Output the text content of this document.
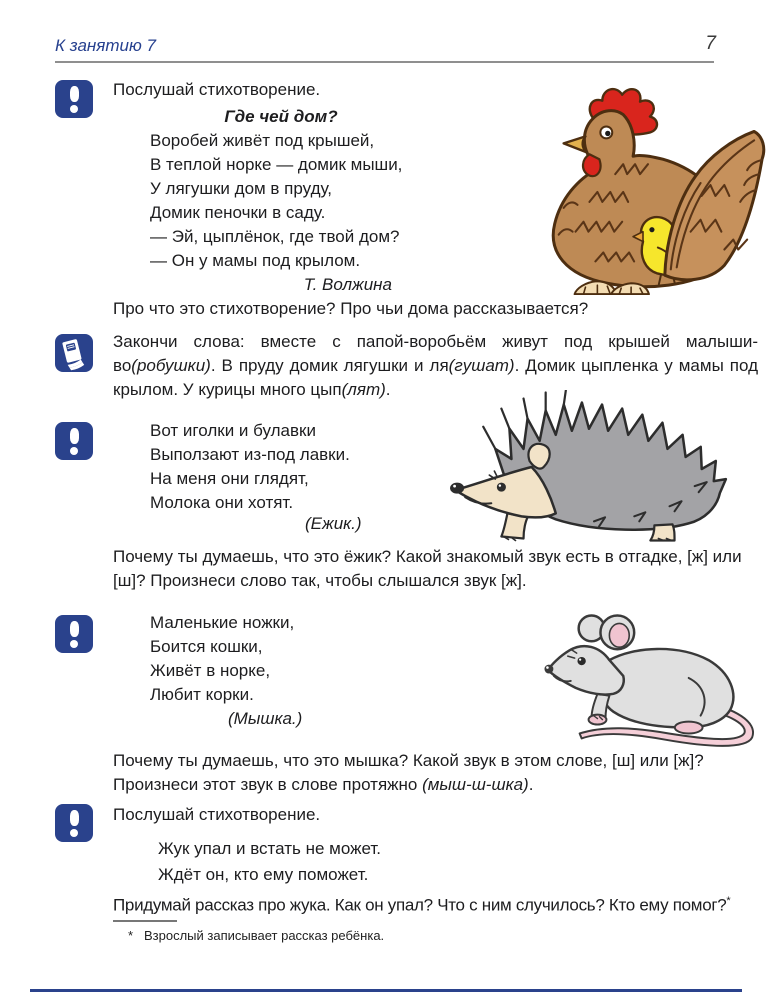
К занятию 7	7
Послушай стихотворение.
Где чей дом?
Воробей живёт под крышей,
В теплой норке — домик мыши,
У лягушки дом в пруду,
Домик пеночки в саду.
— Эй, цыплёнок, где твой дом?
— Он у мамы под крылом.
Т. Волжина
Про что это стихотворение? Про чьи дома рассказывается?
Закончи слова: вместе с папой-воробьём живут под крышей малыши-во(робушки). В пруду домик лягушки и ля(гушат). Домик цыпленка у мамы под крылом. У курицы много цып(лят).
Вот иголки и булавки
Выползают из-под лавки.
На меня они глядят,
Молока они хотят.
(Ежик.)
Почему ты думаешь, что это ёжик? Какой знакомый звук есть в отгадке, [ж] или [ш]? Произнеси слово так, чтобы слышался звук [ж].
Маленькие ножки,
Боится кошки,
Живёт в норке,
Любит корки.
(Мышка.)
Почему ты думаешь, что это мышка? Какой звук в этом слове, [ш] или [ж]? Произнеси этот звук в слове протяжно (мыш-ш-шка).
Послушай стихотворение.
Жук упал и встать не может.
Ждёт он, кто ему поможет.
Придумай рассказ про жука. Как он упал? Что с ним случилось? Кто ему помог?*
* Взрослый записывает рассказ ребёнка.
